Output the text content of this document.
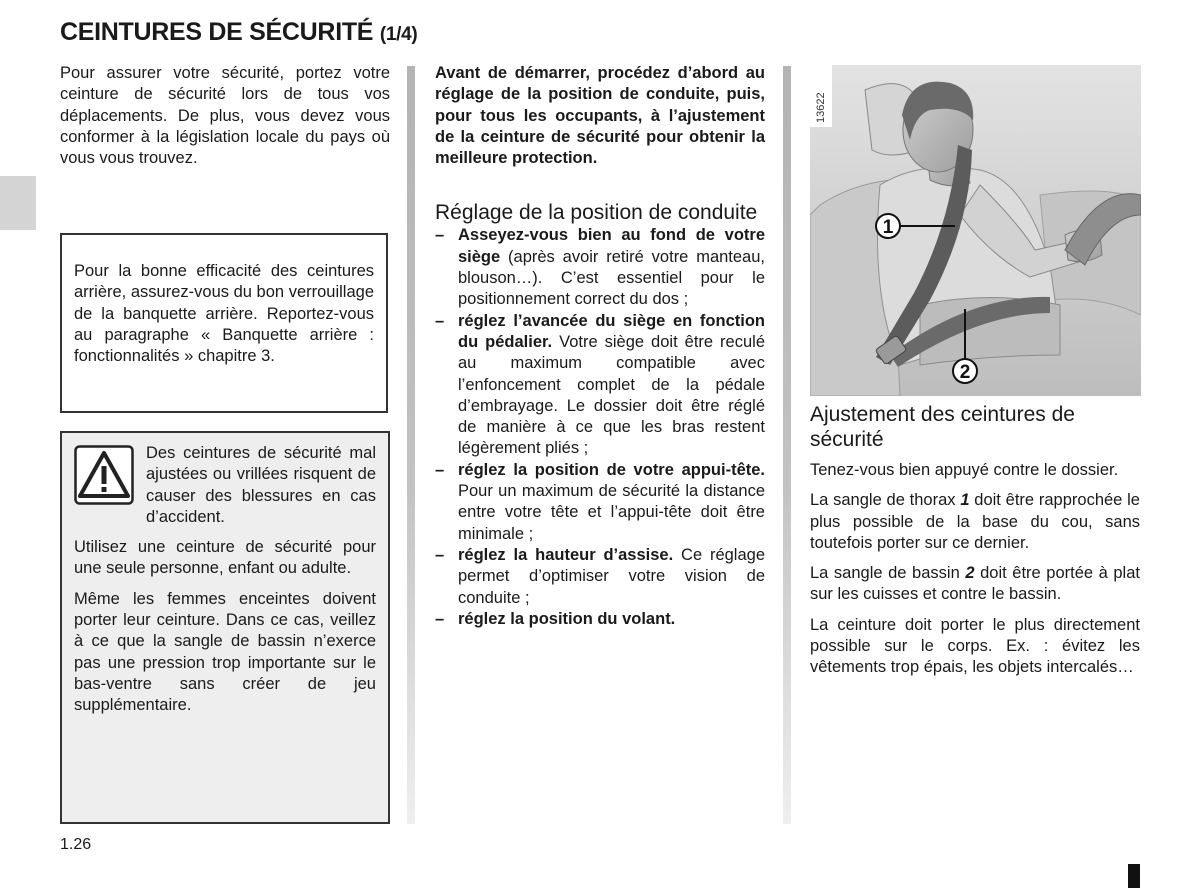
CEINTURES DE SÉCURITÉ (1/4)

Pour assurer votre sécurité, portez votre ceinture de sécurité lors de tous vos déplacements. De plus, vous devez vous conformer à la législation locale du pays où vous vous trouvez.

Pour la bonne efficacité des ceintures arrière, assurez-vous du bon verrouillage de la banquette arrière. Reportez-vous au paragraphe « Banquette arrière : fonctionnalités » chapitre 3.

Des ceintures de sécurité mal ajustées ou vrillées risquent de causer des blessures en cas d’accident.

Utilisez une ceinture de sécurité pour une seule personne, enfant ou adulte.

Même les femmes enceintes doivent porter leur ceinture. Dans ce cas, veillez à ce que la sangle de bassin n’exerce pas une pression trop importante sur le bas-ventre sans créer de jeu supplémentaire.

Avant de démarrer, procédez d’abord au réglage de la position de conduite, puis, pour tous les occupants, à l’ajustement de la ceinture de sécurité pour obtenir la meilleure protection.

Réglage de la position de conduite

– Asseyez-vous bien au fond de votre siège (après avoir retiré votre manteau, blouson…). C’est essentiel pour le positionnement correct du dos ;
– réglez l’avancée du siège en fonction du pédalier. Votre siège doit être reculé au maximum compatible avec l’enfoncement complet de la pédale d’embrayage. Le dossier doit être réglé de manière à ce que les bras restent légèrement pliés ;
– réglez la position de votre appui-tête. Pour un maximum de sécurité la distance entre votre tête et l’appui-tête doit être minimale ;
– réglez la hauteur d’assise. Ce réglage permet d’optimiser votre vision de conduite ;
– réglez la position du volant.
13622
1
2

Ajustement des ceintures de sécurité

Tenez-vous bien appuyé contre le dossier.

La sangle de thorax 1 doit être rapprochée le plus possible de la base du cou, sans toutefois porter sur ce dernier.

La sangle de bassin 2 doit être portée à plat sur les cuisses et contre le bassin.

La ceinture doit porter le plus directement possible sur le corps. Ex. : évitez les vêtements trop épais, les objets intercalés…

1.26
